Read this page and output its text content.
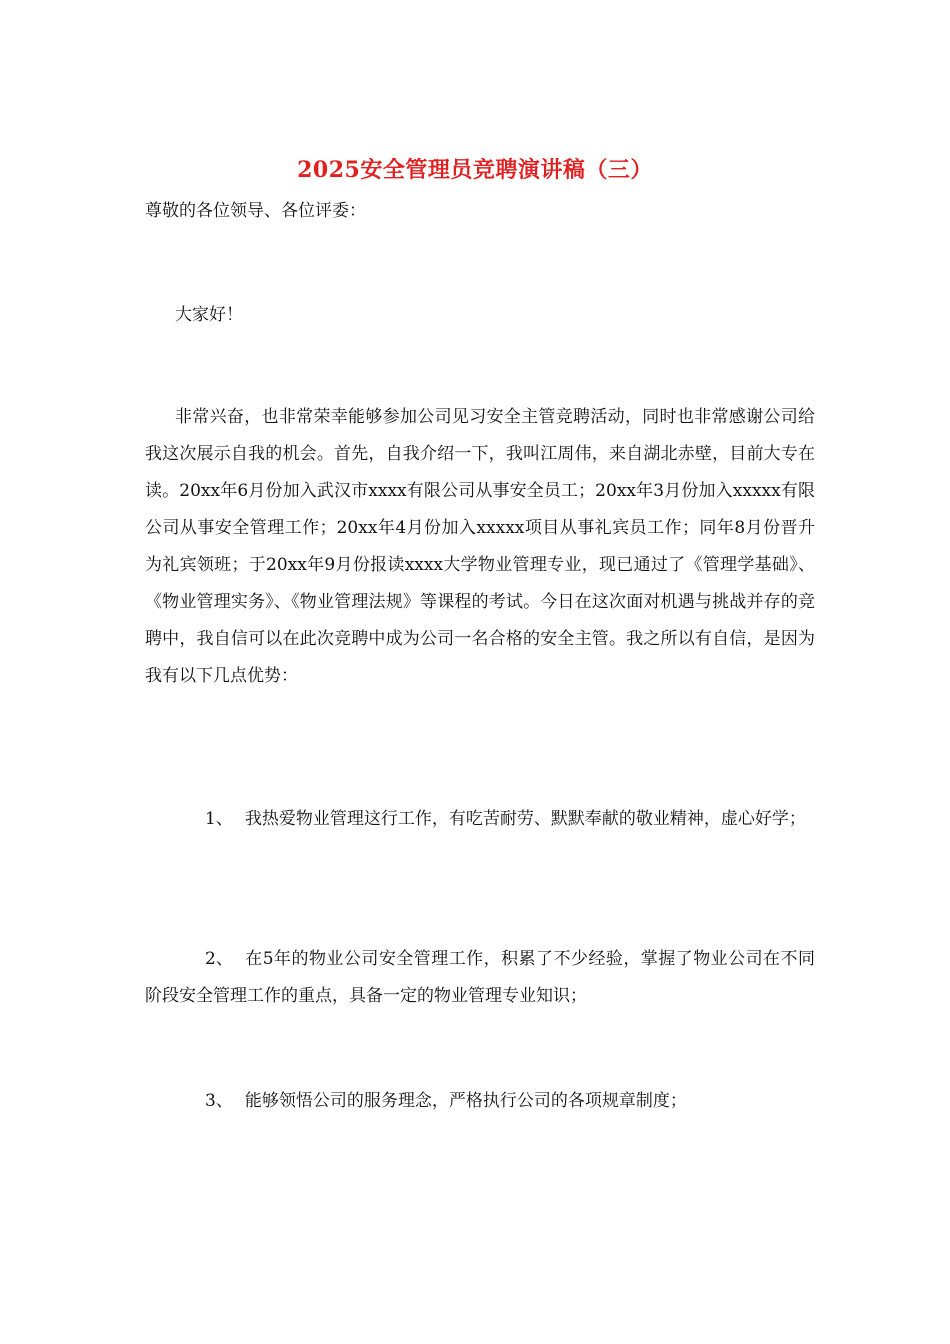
2025安全管理员竞聘演讲稿（三）
尊敬的各位领导、各位评委：
大家好！
非常兴奋，也非常荣幸能够参加公司见习安全主管竞聘活动，同时也非常感谢公司给我这次展示自我的机会。首先，自我介绍一下，我叫江周伟，来自湖北赤壁，目前大专在读。20xx年6月份加入武汉市xxxx有限公司从事安全员工；20xx年3月份加入xxxxx有限公司从事安全管理工作；20xx年4月份加入xxxxx项目从事礼宾员工作；同年8月份晋升为礼宾领班；于20xx年9月份报读xxxx大学物业管理专业，现已通过了《管理学基础》、《物业管理实务》、《物业管理法规》等课程的考试。今日在这次面对机遇与挑战并存的竞聘中，我自信可以在此次竞聘中成为公司一名合格的安全主管。我之所以有自信，是因为我有以下几点优势：
1、 我热爱物业管理这行工作，有吃苦耐劳、默默奉献的敬业精神，虚心好学；
2、 在5年的物业公司安全管理工作，积累了不少经验，掌握了物业公司在不同阶段安全管理工作的重点，具备一定的物业管理专业知识；
3、 能够领悟公司的服务理念，严格执行公司的各项规章制度；
